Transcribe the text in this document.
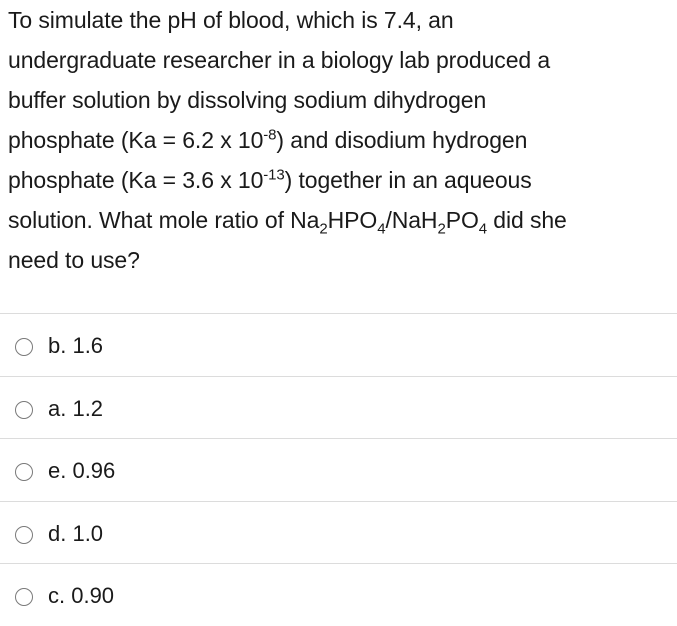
To simulate the pH of blood, which is 7.4, an
undergraduate researcher in a biology lab produced a
buffer solution by dissolving sodium dihydrogen
phosphate (Ka = 6.2 x $10^{-8}$) and disodium hydrogen
phosphate (Ka = 3.6 x $10^{-13}$) together in an aqueous
solution. What mole ratio of $Na_2HPO_4/NaH_2PO_4$ did she
need to use?
b. 1.6
a. 1.2
e. 0.96
d. 1.0
c. 0.90
